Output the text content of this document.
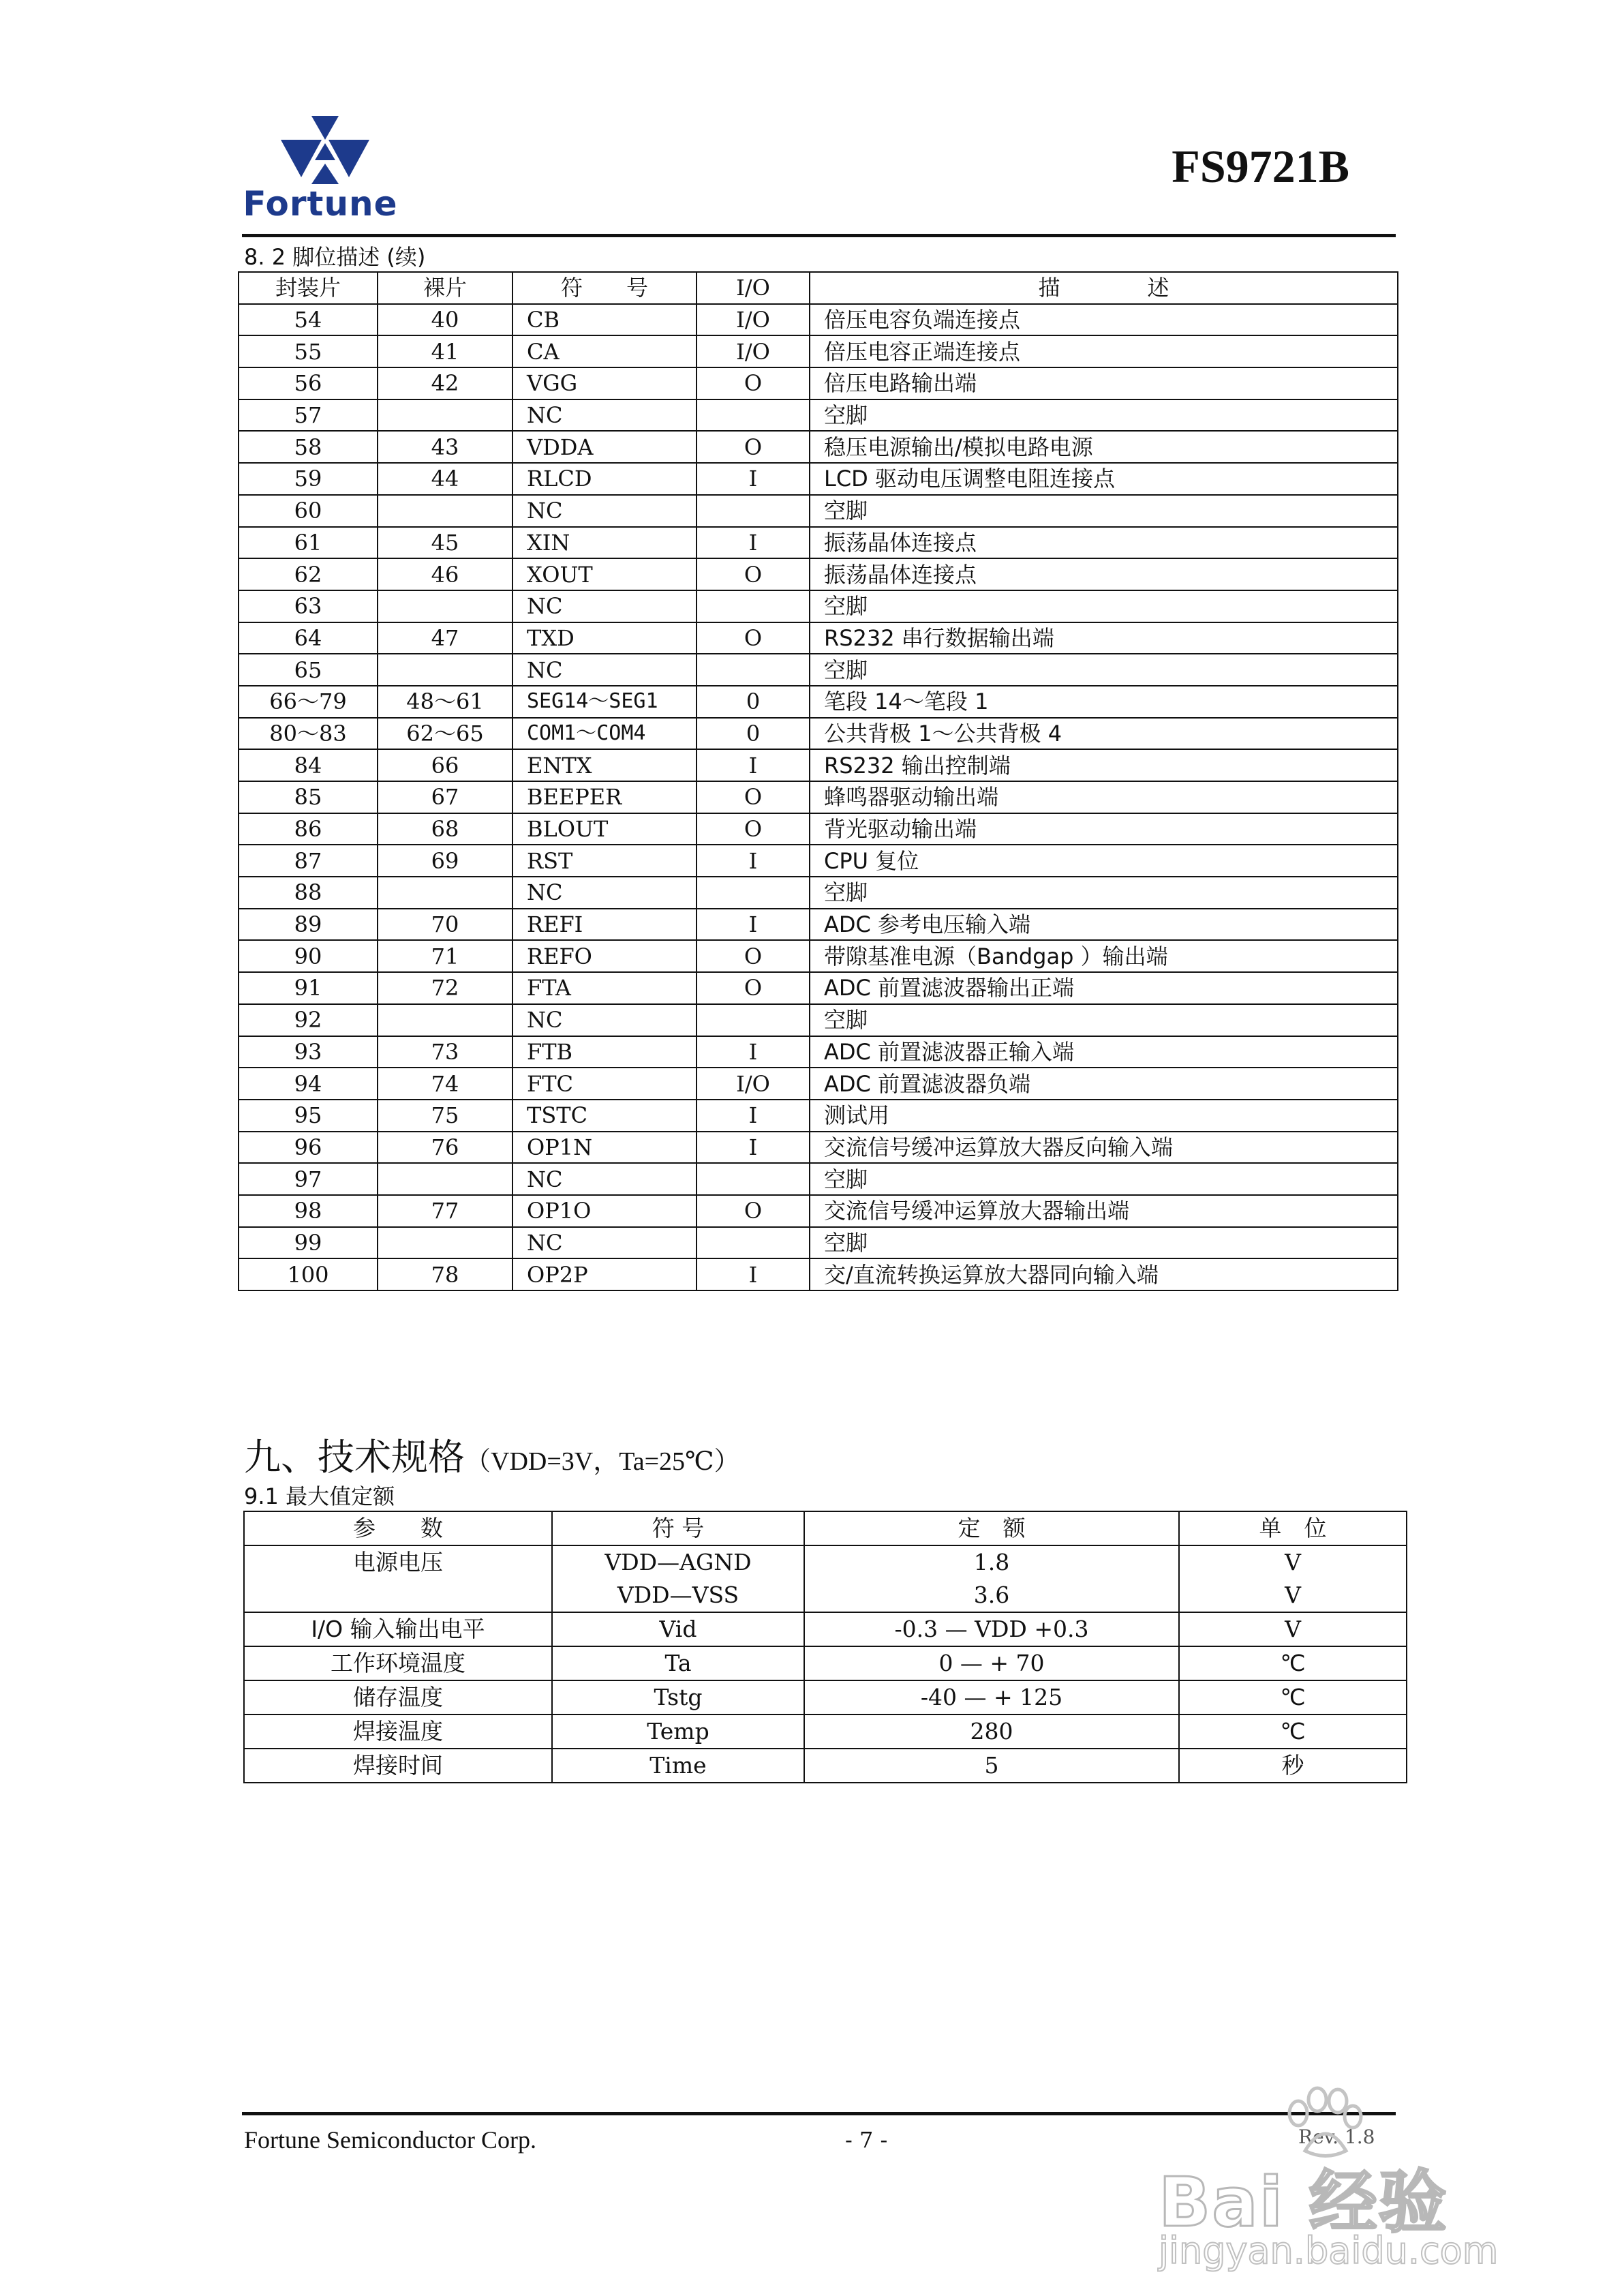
Fortune
FS9721B
8. 2 脚位描述 (续)
封装片	裸片	符　　号	I/O	描　　　　述
54	40	CB	I/O	倍压电容负端连接点
55	41	CA	I/O	倍压电容正端连接点
56	42	VGG	O	倍压电路输出端
57		NC		空脚
58	43	VDDA	O	稳压电源输出/模拟电路电源
59	44	RLCD	I	LCD 驱动电压调整电阻连接点
60		NC		空脚
61	45	XIN	I	振荡晶体连接点
62	46	XOUT	O	振荡晶体连接点
63		NC		空脚
64	47	TXD	O	RS232 串行数据输出端
65		NC		空脚
66～79	48～61	SEG14～SEG1	0	笔段 14～笔段 1
80～83	62～65	COM1～COM4	0	公共背极 1～公共背极 4
84	66	ENTX	I	RS232 输出控制端
85	67	BEEPER	O	蜂鸣器驱动输出端
86	68	BLOUT	O	背光驱动输出端
87	69	RST	I	CPU 复位
88		NC		空脚
89	70	REFI	I	ADC 参考电压输入端
90	71	REFO	O	带隙基准电源（Bandgap ）输出端
91	72	FTA	O	ADC 前置滤波器输出正端
92		NC		空脚
93	73	FTB	I	ADC 前置滤波器正输入端
94	74	FTC	I/O	ADC 前置滤波器负端
95	75	TSTC	I	测试用
96	76	OP1N	I	交流信号缓冲运算放大器反向输入端
97		NC		空脚
98	77	OP1O	O	交流信号缓冲运算放大器输出端
99		NC		空脚
100	78	OP2P	I	交/直流转换运算放大器同向输入端
九、技术规格（VDD=3V，Ta=25℃）
9.1 最大值定额
参　　数	符 号	定　额	单　位
电源电压	VDD—AGND	1.8	V
	VDD—VSS	3.6	V
I/O 输入输出电平	Vid	-0.3 — VDD +0.3	V
工作环境温度	Ta	0 — + 70	℃
储存温度	Tstg	-40 — + 125	℃
焊接温度	Temp	280	℃
焊接时间	Time	5	秒
Fortune Semiconductor Corp.	- 7 -	Rev. 1.8
Bai 经验
jingyan.baidu.com
